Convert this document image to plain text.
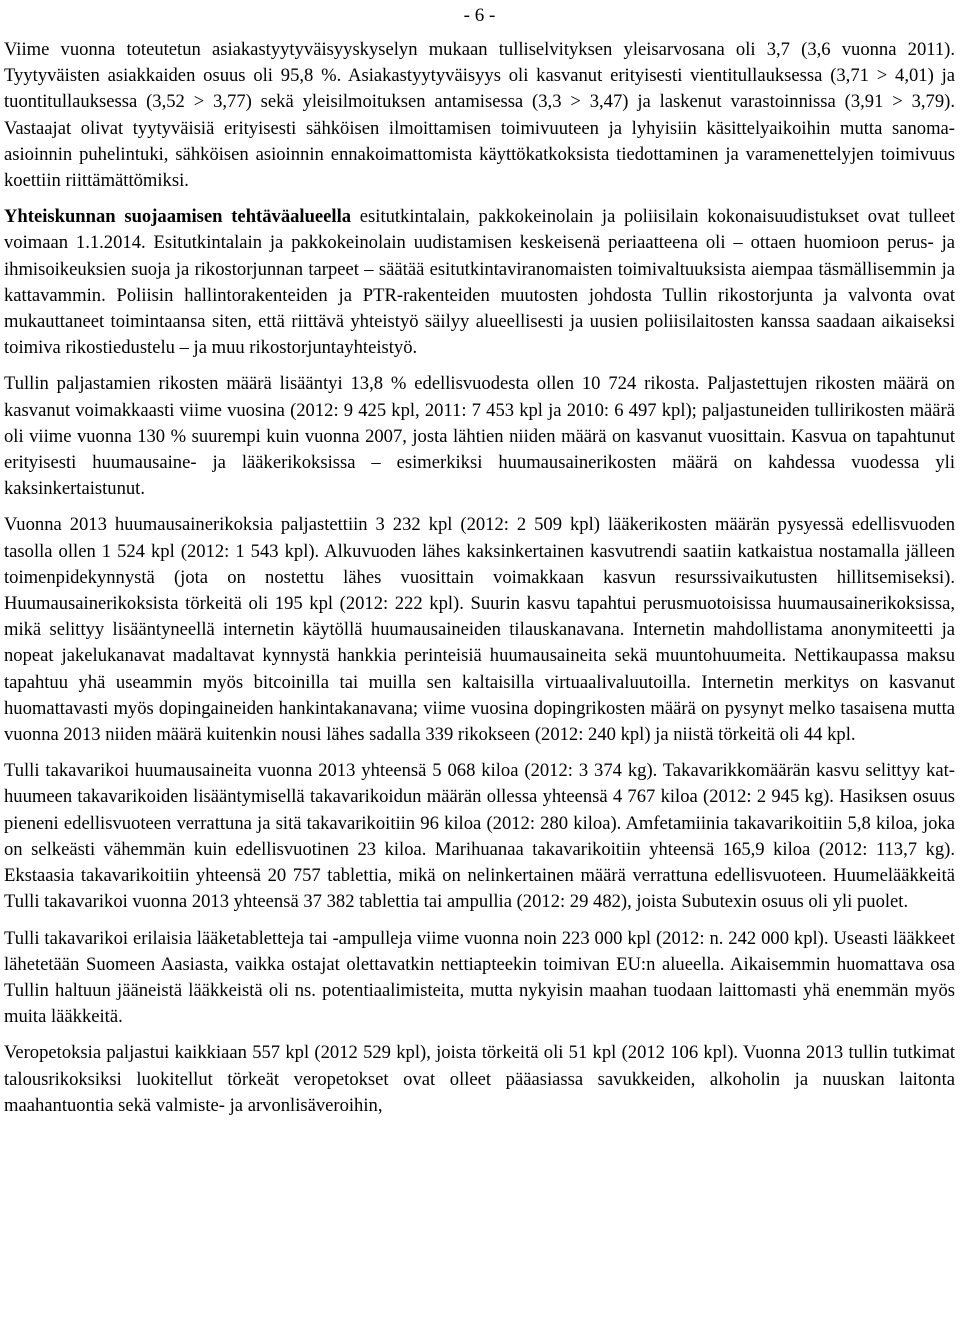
- 6 -

Viime vuonna toteutetun asiakastyytyväisyyskyselyn mukaan tulliselvityksen yleisarvosana oli 3,7 (3,6 vuonna 2011). Tyytyväisten asiakkaiden osuus oli 95,8 %. Asiakastyytyväisyys oli kasvanut erityisesti vientitullauksessa (3,71 > 4,01) ja tuontitullauksessa (3,52 > 3,77) sekä yleisilmoituksen antamisessa (3,3 > 3,47) ja laskenut varastoinnissa (3,91 > 3,79). Vastaajat olivat tyytyväisiä erityisesti sähköisen ilmoittamisen toimivuuteen ja lyhyisiin käsittelyaikoihin mutta sanoma-asioinnin puhelintuki, sähköisen asioinnin ennakoimattomista käyttökatkoksista tiedottaminen ja varamenettelyjen toimivuus koettiin riittämättömiksi.

Yhteiskunnan suojaamisen tehtäväalueella esitutkintalain, pakkokeinolain ja poliisilain kokonaisuudistukset ovat tulleet voimaan 1.1.2014. Esitutkintalain ja pakkokeinolain uudistamisen keskeisenä periaatteena oli – ottaen huomioon perus- ja ihmisoikeuksien suoja ja rikostorjunnan tarpeet – säätää esitutkintaviranomaisten toimivaltuuksista aiempaa täsmällisemmin ja kattavammin. Poliisin hallintorakenteiden ja PTR-rakenteiden muutosten johdosta Tullin rikostorjunta ja valvonta ovat mukauttaneet toimintaansa siten, että riittävä yhteistyö säilyy alueellisesti ja uusien poliisilaitosten kanssa saadaan aikaiseksi toimiva rikostiedustelu – ja muu rikostorjuntayhteistyö.

Tullin paljastamien rikosten määrä lisääntyi 13,8 % edellisvuodesta ollen 10 724 rikosta. Paljastettujen rikosten määrä on kasvanut voimakkaasti viime vuosina (2012: 9 425 kpl, 2011: 7 453 kpl ja 2010: 6 497 kpl); paljastuneiden tullirikosten määrä oli viime vuonna 130 % suurempi kuin vuonna 2007, josta lähtien niiden määrä on kasvanut vuosittain. Kasvua on tapahtunut erityisesti huumausaine- ja lääkerikoksissa – esimerkiksi huumausainerikosten määrä on kahdessa vuodessa yli kaksinkertaistunut.

Vuonna 2013 huumausainerikoksia paljastettiin 3 232 kpl (2012: 2 509 kpl) lääkerikosten määrän pysyessä edellisvuoden tasolla ollen 1 524 kpl (2012: 1 543 kpl). Alkuvuoden lähes kaksinkertainen kasvutrendi saatiin katkaistua nostamalla jälleen toimenpidekynnystä (jota on nostettu lähes vuosittain voimakkaan kasvun resurssivaikutusten hillitsemiseksi). Huumausainerikoksista törkeitä oli 195 kpl (2012: 222 kpl). Suurin kasvu tapahtui perusmuotoisissa huumausainerikoksissa, mikä selittyy lisääntyneellä internetin käytöllä huumausaineiden tilauskanavana. Internetin mahdollistama anonymiteetti ja nopeat jakelukanavat madaltavat kynnystä hankkia perinteisiä huumausaineita sekä muuntohuumeita. Nettikaupassa maksu tapahtuu yhä useammin myös bitcoinilla tai muilla sen kaltaisilla virtuaalivaluutoilla. Internetin merkitys on kasvanut huomattavasti myös dopingaineiden hankintakanavana; viime vuosina dopingrikosten määrä on pysynyt melko tasaisena mutta vuonna 2013 niiden määrä kuitenkin nousi lähes sadalla 339 rikokseen (2012: 240 kpl) ja niistä törkeitä oli 44 kpl.

Tulli takavarikoi huumausaineita vuonna 2013 yhteensä 5 068 kiloa (2012: 3 374 kg). Takavarikkomäärän kasvu selittyy kat-huumeen takavarikoiden lisääntymisellä takavarikoidun määrän ollessa yhteensä 4 767 kiloa (2012: 2 945 kg). Hasiksen osuus pieneni edellisvuoteen verrattuna ja sitä takavarikoitiin 96 kiloa (2012: 280 kiloa). Amfetamiinia takavarikoitiin 5,8 kiloa, joka on selkeästi vähemmän kuin edellisvuotinen 23 kiloa. Marihuanaa takavarikoitiin yhteensä 165,9 kiloa (2012: 113,7 kg). Ekstaasia takavarikoitiin yhteensä 20 757 tablettia, mikä on nelinkertainen määrä verrattuna edellisvuoteen. Huumelääkkeitä Tulli takavarikoi vuonna 2013 yhteensä 37 382 tablettia tai ampullia (2012: 29 482), joista Subutexin osuus oli yli puolet.

Tulli takavarikoi erilaisia lääketabletteja tai -ampulleja viime vuonna noin 223 000 kpl (2012: n. 242 000 kpl). Useasti lääkkeet lähetetään Suomeen Aasiasta, vaikka ostajat olettavatkin nettiapteekin toimivan EU:n alueella. Aikaisemmin huomattava osa Tullin haltuun jääneistä lääkkeistä oli ns. potentiaalimisteita, mutta nykyisin maahan tuodaan laittomasti yhä enemmän myös muita lääkkeitä.

Veropetoksia paljastui kaikkiaan 557 kpl (2012 529 kpl), joista törkeitä oli 51 kpl (2012 106 kpl). Vuonna 2013 tullin tutkimat talousrikoksiksi luokitellut törkeät veropetokset ovat olleet pääasiassa savukkeiden, alkoholin ja nuuskan laitonta maahantuontia sekä valmiste- ja arvonlisäveroihin,
